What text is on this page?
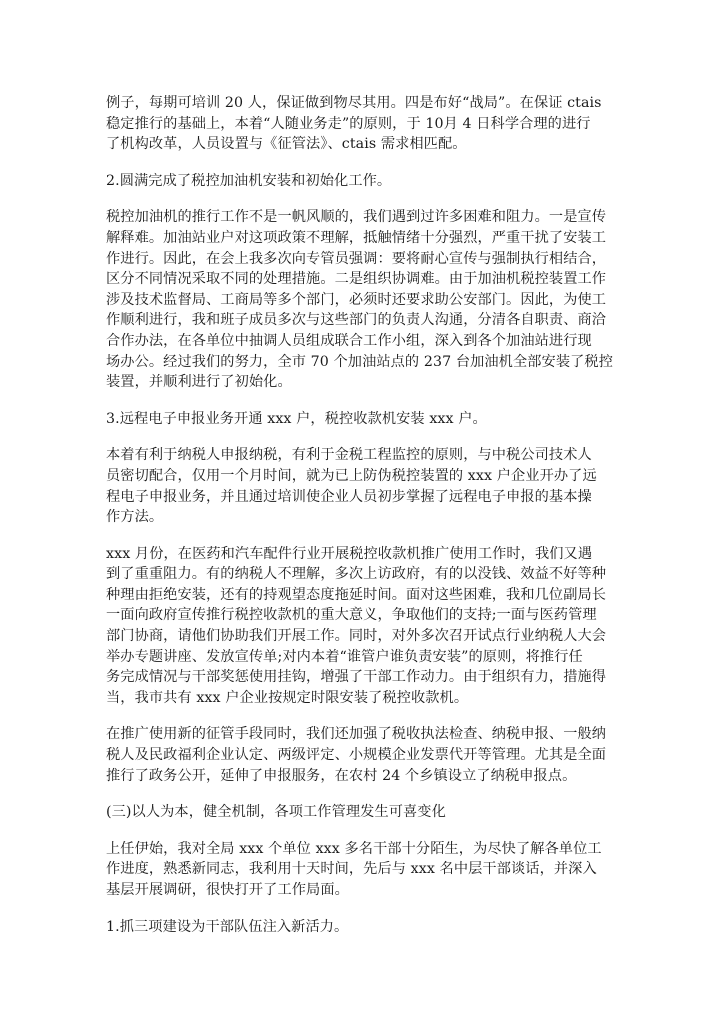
例子，每期可培训 20 人，保证做到物尽其用。四是布好“战局”。在保证 ctais
稳定推行的基础上，本着“人随业务走”的原则，于 10月 4 日科学合理的进行
了机构改革，人员设置与《征管法》、ctais 需求相匹配。

2.圆满完成了税控加油机安装和初始化工作。

税控加油机的推行工作不是一帆风顺的，我们遇到过许多困难和阻力。一是宣传
解释难。加油站业户对这项政策不理解，抵触情绪十分强烈，严重干扰了安装工
作进行。因此，在会上我多次向专管员强调：要将耐心宣传与强制执行相结合，
区分不同情况采取不同的处理措施。二是组织协调难。由于加油机税控装置工作
涉及技术监督局、工商局等多个部门，必须时还要求助公安部门。因此，为使工
作顺利进行，我和班子成员多次与这些部门的负责人沟通，分清各自职责、商洽
合作办法，在各单位中抽调人员组成联合工作小组，深入到各个加油站进行现
场办公。经过我们的努力，全市 70 个加油站点的 237 台加油机全部安装了税控
装置，并顺利进行了初始化。

3.远程电子申报业务开通 xxx 户，税控收款机安装 xxx 户。

本着有利于纳税人申报纳税，有利于金税工程监控的原则，与中税公司技术人
员密切配合，仅用一个月时间，就为已上防伪税控装置的 xxx 户企业开办了远
程电子申报业务，并且通过培训使企业人员初步掌握了远程电子申报的基本操
作方法。

xxx 月份，在医药和汽车配件行业开展税控收款机推广使用工作时，我们又遇
到了重重阻力。有的纳税人不理解，多次上访政府，有的以没钱、效益不好等种
种理由拒绝安装，还有的持观望态度拖延时间。面对这些困难，我和几位副局长
一面向政府宣传推行税控收款机的重大意义，争取他们的支持;一面与医药管理
部门协商，请他们协助我们开展工作。同时，对外多次召开试点行业纳税人大会
举办专题讲座、发放宣传单;对内本着“谁管户谁负责安装”的原则，将推行任
务完成情况与干部奖惩使用挂钩，增强了干部工作动力。由于组织有力，措施得
当，我市共有 xxx 户企业按规定时限安装了税控收款机。

在推广使用新的征管手段同时，我们还加强了税收执法检查、纳税申报、一般纳
税人及民政福利企业认定、两级评定、小规模企业发票代开等管理。尤其是全面
推行了政务公开，延伸了申报服务，在农村 24 个乡镇设立了纳税申报点。

(三)以人为本，健全机制，各项工作管理发生可喜变化

上任伊始，我对全局 xxx 个单位 xxx 多名干部十分陌生，为尽快了解各单位工
作进度，熟悉新同志，我利用十天时间，先后与 xxx 名中层干部谈话，并深入
基层开展调研，很快打开了工作局面。

1.抓三项建设为干部队伍注入新活力。
